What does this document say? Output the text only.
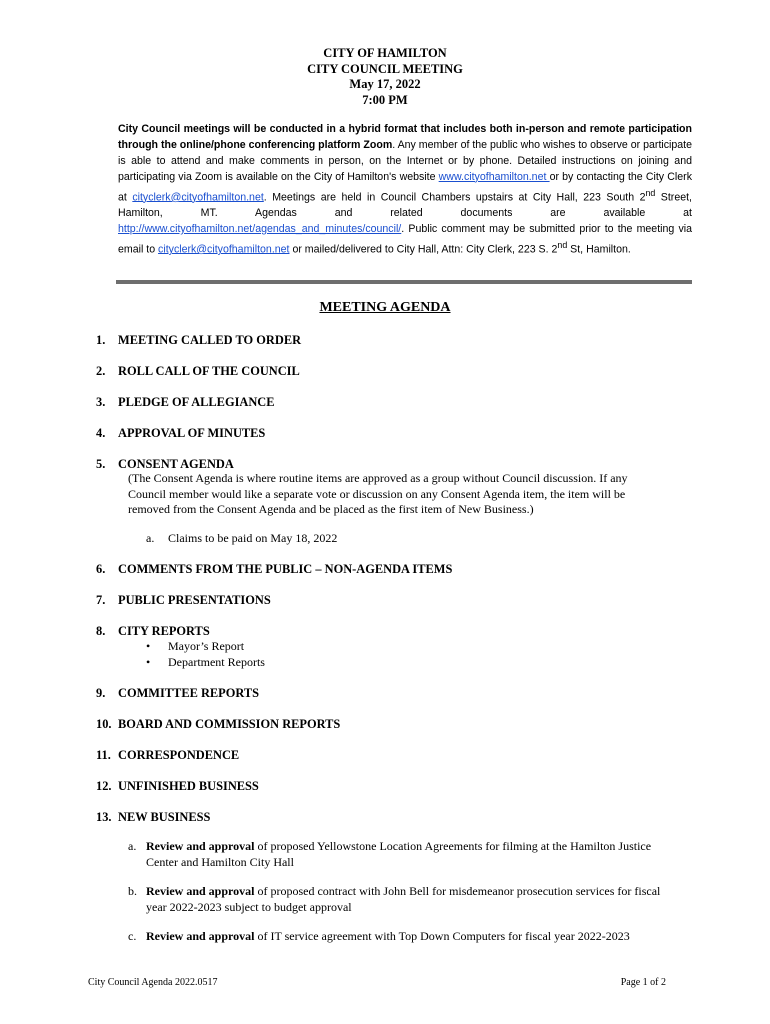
CITY OF HAMILTON
CITY COUNCIL MEETING
May 17, 2022
7:00 PM
City Council meetings will be conducted in a hybrid format that includes both in-person and remote participation through the online/phone conferencing platform Zoom. Any member of the public who wishes to observe or participate is able to attend and make comments in person, on the Internet or by phone. Detailed instructions on joining and participating via Zoom is available on the City of Hamilton's website www.cityofhamilton.net or by contacting the City Clerk at cityclerk@cityofhamilton.net. Meetings are held in Council Chambers upstairs at City Hall, 223 South 2nd Street, Hamilton, MT. Agendas and related documents are available at http://www.cityofhamilton.net/agendas_and_minutes/council/. Public comment may be submitted prior to the meeting via email to cityclerk@cityofhamilton.net or mailed/delivered to City Hall, Attn: City Clerk, 223 S. 2nd St, Hamilton.
MEETING AGENDA
1. MEETING CALLED TO ORDER
2. ROLL CALL OF THE COUNCIL
3. PLEDGE OF ALLEGIANCE
4. APPROVAL OF MINUTES
5. CONSENT AGENDA
(The Consent Agenda is where routine items are approved as a group without Council discussion. If any Council member would like a separate vote or discussion on any Consent Agenda item, the item will be removed from the Consent Agenda and be placed as the first item of New Business.)
a. Claims to be paid on May 18, 2022
6. COMMENTS FROM THE PUBLIC – NON-AGENDA ITEMS
7. PUBLIC PRESENTATIONS
8. CITY REPORTS
• Mayor’s Report
• Department Reports
9. COMMITTEE REPORTS
10. BOARD AND COMMISSION REPORTS
11. CORRESPONDENCE
12. UNFINISHED BUSINESS
13. NEW BUSINESS
a. Review and approval of proposed Yellowstone Location Agreements for filming at the Hamilton Justice
Center and Hamilton City Hall
b. Review and approval of proposed contract with John Bell for misdemeanor prosecution services for fiscal
year 2022-2023 subject to budget approval
c. Review and approval of IT service agreement with Top Down Computers for fiscal year 2022-2023
City Council Agenda 2022.0517	Page 1 of 2
